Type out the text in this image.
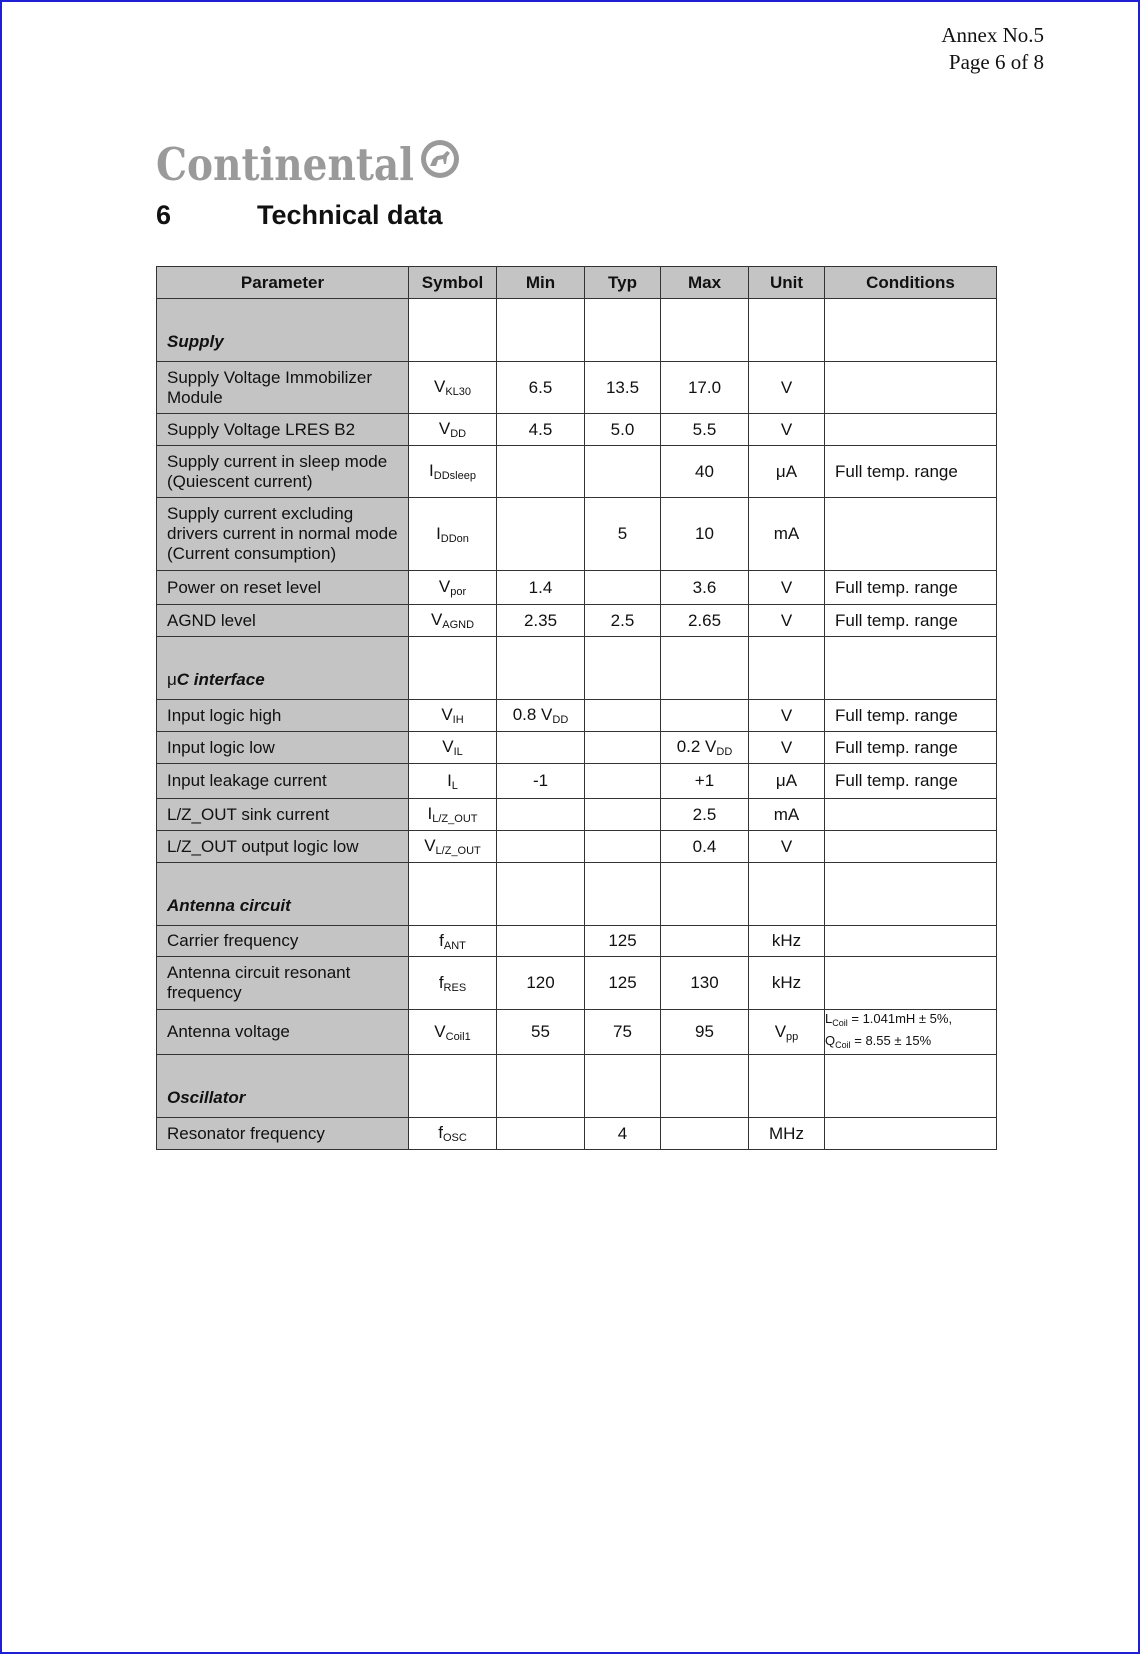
Annex No.5
Page 6 of 8
Continental
6	Technical data
Parameter	Symbol	Min	Typ	Max	Unit	Conditions
Supply						
Supply Voltage Immobilizer Module	$V_{KL30}$	6.5	13.5	17.0	V	
Supply Voltage LRES B2	$V_{DD}$	4.5	5.0	5.5	V	
Supply current in sleep mode (Quiescent current)	$I_{DDsleep}$			40	μA	Full temp. range
Supply current excluding drivers current in normal mode (Current consumption)	$I_{DDon}$		5	10	mA	
Power on reset level	$V_{por}$	1.4		3.6	V	Full temp. range
AGND level	$V_{AGND}$	2.35	2.5	2.65	V	Full temp. range
μC interface						
Input logic high	$V_{IH}$	0.8 $V_{DD}$			V	Full temp. range
Input logic low	$V_{IL}$			0.2 $V_{DD}$	V	Full temp. range
Input leakage current	$I_L$	-1		+1	μA	Full temp. range
L/Z_OUT sink current	$I_{L/Z\_OUT}$			2.5	mA	
L/Z_OUT output logic low	$V_{L/Z\_OUT}$			0.4	V	
Antenna circuit						
Carrier frequency	$f_{ANT}$		125		kHz	
Antenna circuit resonant frequency	$f_{RES}$	120	125	130	kHz	
Antenna voltage	$V_{Coil1}$	55	75	95	$V_{pp}$	$L_{Coil} = 1.041mH \pm 5\%$,
$Q_{Coil} = 8.55 \pm 15\%$

Oscillator						
Resonator frequency	$f_{OSC}$		4		MHz	
